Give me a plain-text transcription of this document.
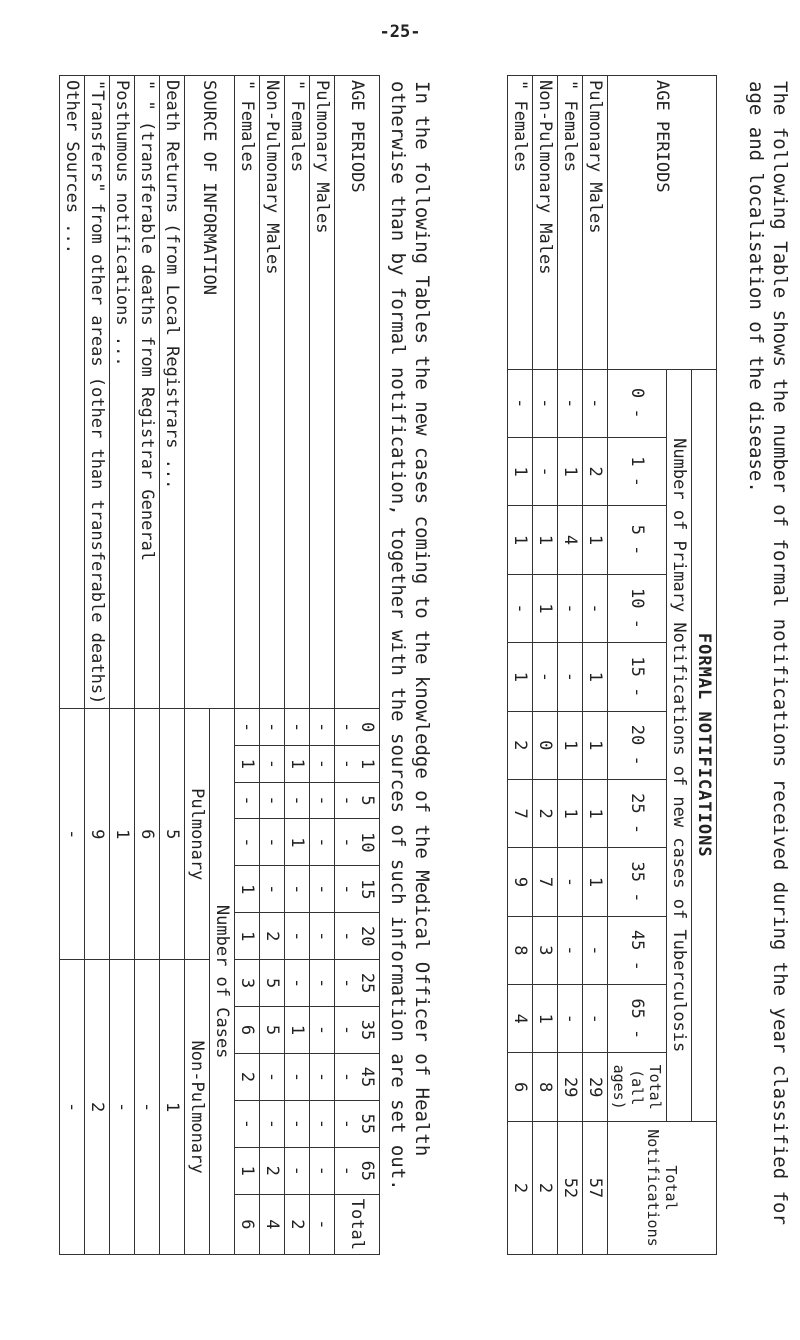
-25-

The following Table shows the number of formal notifications received during the year classified for age and localisation of the disease.

AGE PERIODS	FORMAL NOTIFICATIONS											Total Notifications
	Number of Primary Notifications of new cases of Tuberculosis											
	0 -	1 -	5 -	10 -	15 -	20 -	25 -	35 -	45 -	65 -	Total (all ages)	
Pulmonary Males	-	2	1	-	1	1	1	1	-	-	29	57
" Females	-	1	4	-	-	1	1	-	-	-	29	52
Non-Pulmonary Males	-	-	1	1	-	0	2	7	3	1	8	2
" Females	-	1	1	-	1	2	7	9	8	4	6	2

In the following Tables the new cases coming to the knowledge of the Medical Officer of Health otherwise than by formal notification, together with the sources of such information are set out.

AGE PERIODS	0 -	1 -	5 -	10 -	15 -	20 -	25 -	35 -	45 -	55 -	65 -	Total
Pulmonary Males	-	-	-	-	-	-	-	-	-	-	-	-
" Females	-	1	-	1	-	-	-	1	-	-	-	2
Non-Pulmonary Males	-	-	-	-	-	2	5	5	-	-	2	4
" Females	-	1	-	-	1	1	3	6	2	-	1	6
SOURCE OF INFORMATION	Number of Cases											
	Pulmonary						Non-Pulmonary					
Death Returns (from Local Registrars ...	5						1					
" " (transferable deaths from Registrar General	6						-					
Posthumous notifications ...	1						-					
"Transfers" from other areas (other than transferable deaths)	9						2					
Other Sources ...	-						-					
